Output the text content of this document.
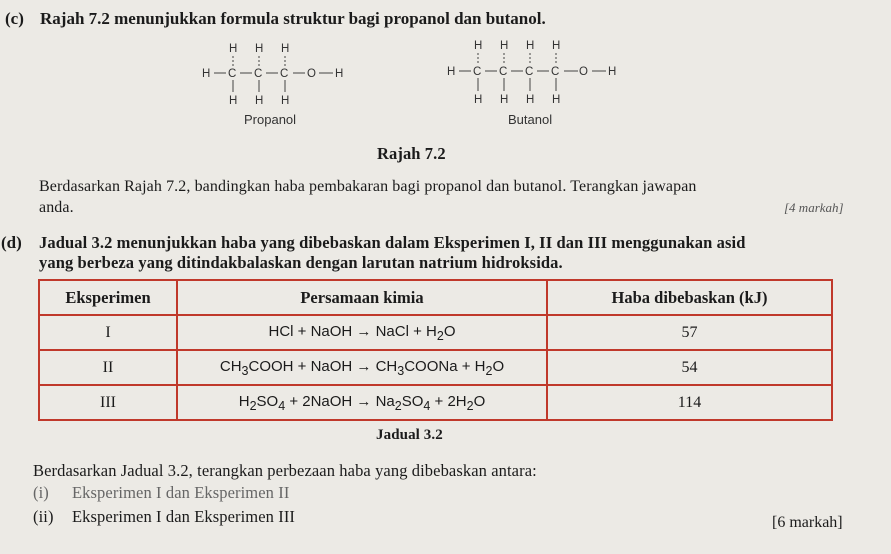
(c) Rajah 7.2 menunjukkan formula struktur bagi propanol dan butanol.
H H H
H C C C O H
H H H
Propanol
H H H H
H C C C C O H
H H H H
Butanol
Rajah 7.2
Berdasarkan Rajah 7.2, bandingkan haba pembakaran bagi propanol dan butanol. Terangkan jawapan
anda.	[4 markah]
(d) Jadual 3.2 menunjukkan haba yang dibebaskan dalam Eksperimen I, II dan III menggunakan asid
yang berbeza yang ditindakbalaskan dengan larutan natrium hidroksida.
Eksperimen	Persamaan kimia	Haba dibebaskan (kJ)
I	HCl + NaOH → NaCl + $H_2O$	57
II	$CH_3COOH$ + NaOH → $CH_3COONa + H_2O$	54
III	$H_2SO_4$ + 2NaOH → $Na_2SO_4 + 2H_2O$	114
Jadual 3.2
Berdasarkan Jadual 3.2, terangkan perbezaan haba yang dibebaskan antara:
(i) Eksperimen I dan Eksperimen II
(ii) Eksperimen I dan Eksperimen III	[6 markah]
